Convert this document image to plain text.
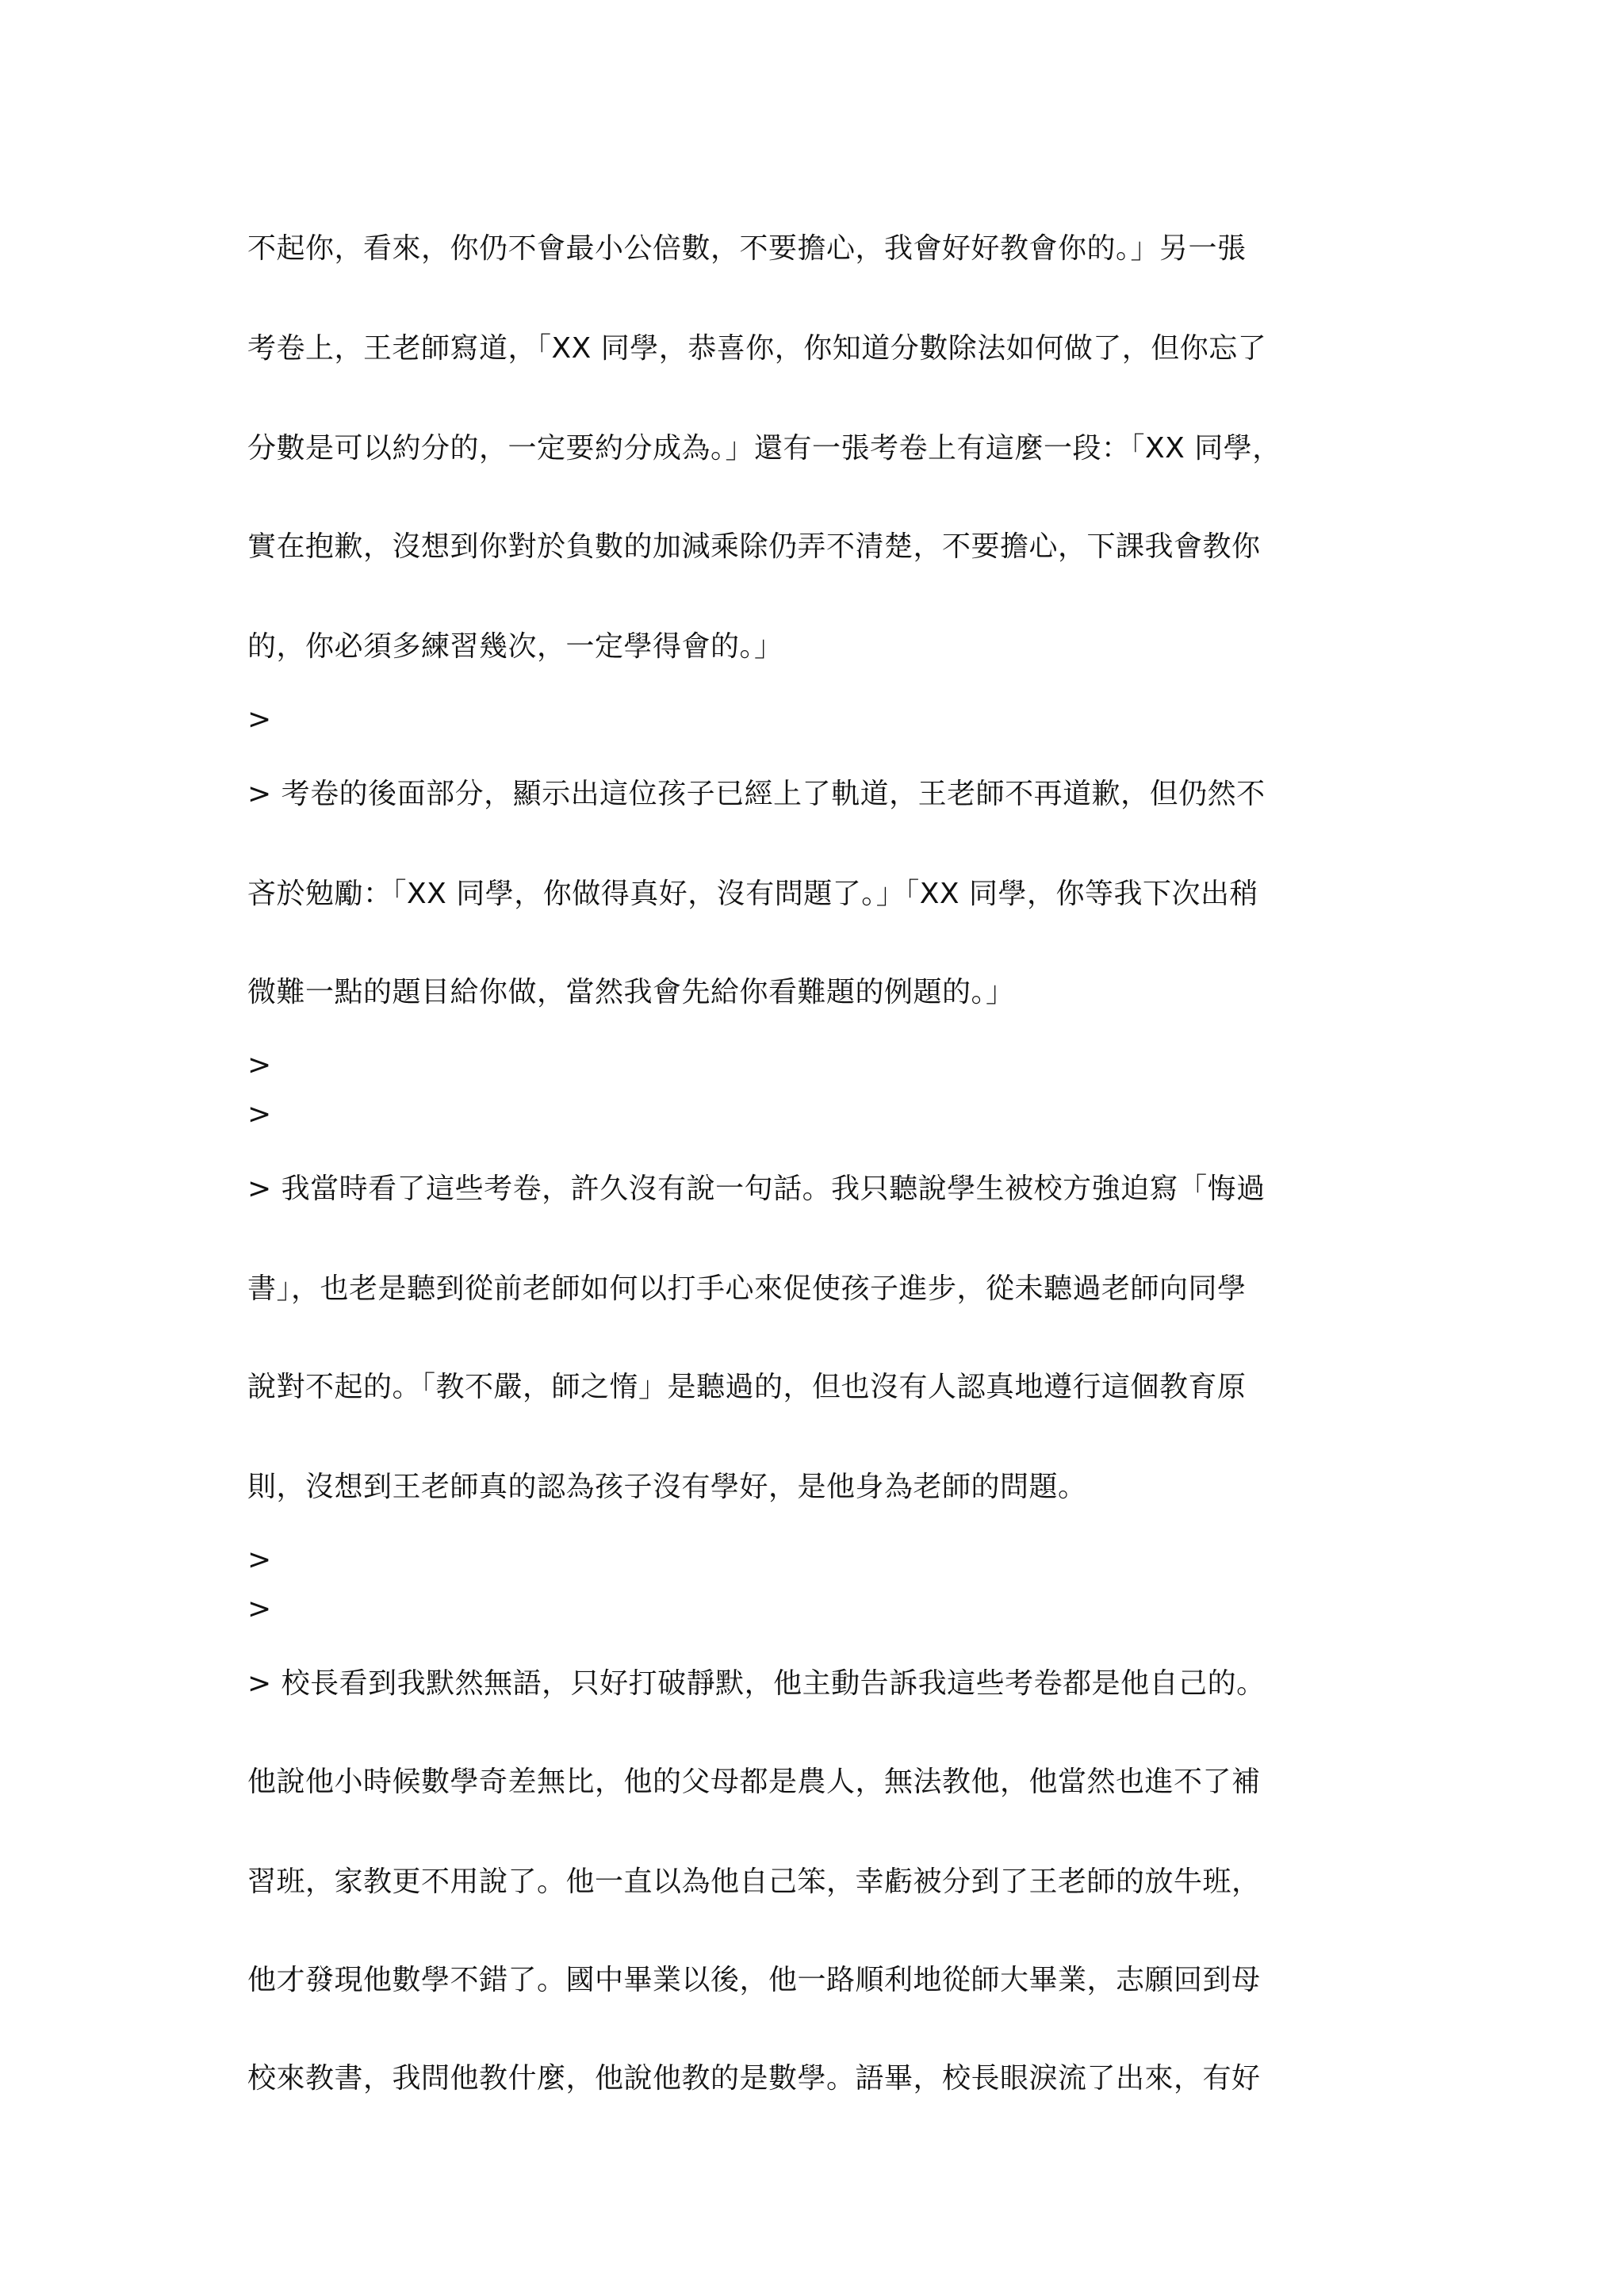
不起你，看來，你仍不會最小公倍數，不要擔心，我會好好教會你的。」另一張
考卷上，王老師寫道，「XX 同學，恭喜你，你知道分數除法如何做了，但你忘了
分數是可以約分的，一定要約分成為。」還有一張考卷上有這麼一段：「XX 同學，
實在抱歉，沒想到你對於負數的加減乘除仍弄不清楚，不要擔心，下課我會教你
的，你必須多練習幾次，一定學得會的。」
>
> 考卷的後面部分，顯示出這位孩子已經上了軌道，王老師不再道歉，但仍然不
吝於勉勵：「XX 同學，你做得真好，沒有問題了。」「XX 同學，你等我下次出稍
微難一點的題目給你做，當然我會先給你看難題的例題的。」
>
>
> 我當時看了這些考卷，許久沒有說一句話。我只聽說學生被校方強迫寫「悔過
書」，也老是聽到從前老師如何以打手心來促使孩子進步，從未聽過老師向同學
說對不起的。「教不嚴，師之惰」是聽過的，但也沒有人認真地遵行這個教育原
則，沒想到王老師真的認為孩子沒有學好，是他身為老師的問題。
>
>
> 校長看到我默然無語，只好打破靜默，他主動告訴我這些考卷都是他自己的。
他說他小時候數學奇差無比，他的父母都是農人，無法教他，他當然也進不了補
習班，家教更不用說了。他一直以為他自己笨，幸虧被分到了王老師的放牛班，
他才發現他數學不錯了。國中畢業以後，他一路順利地從師大畢業，志願回到母
校來教書，我問他教什麼，他說他教的是數學。語畢，校長眼淚流了出來，有好
